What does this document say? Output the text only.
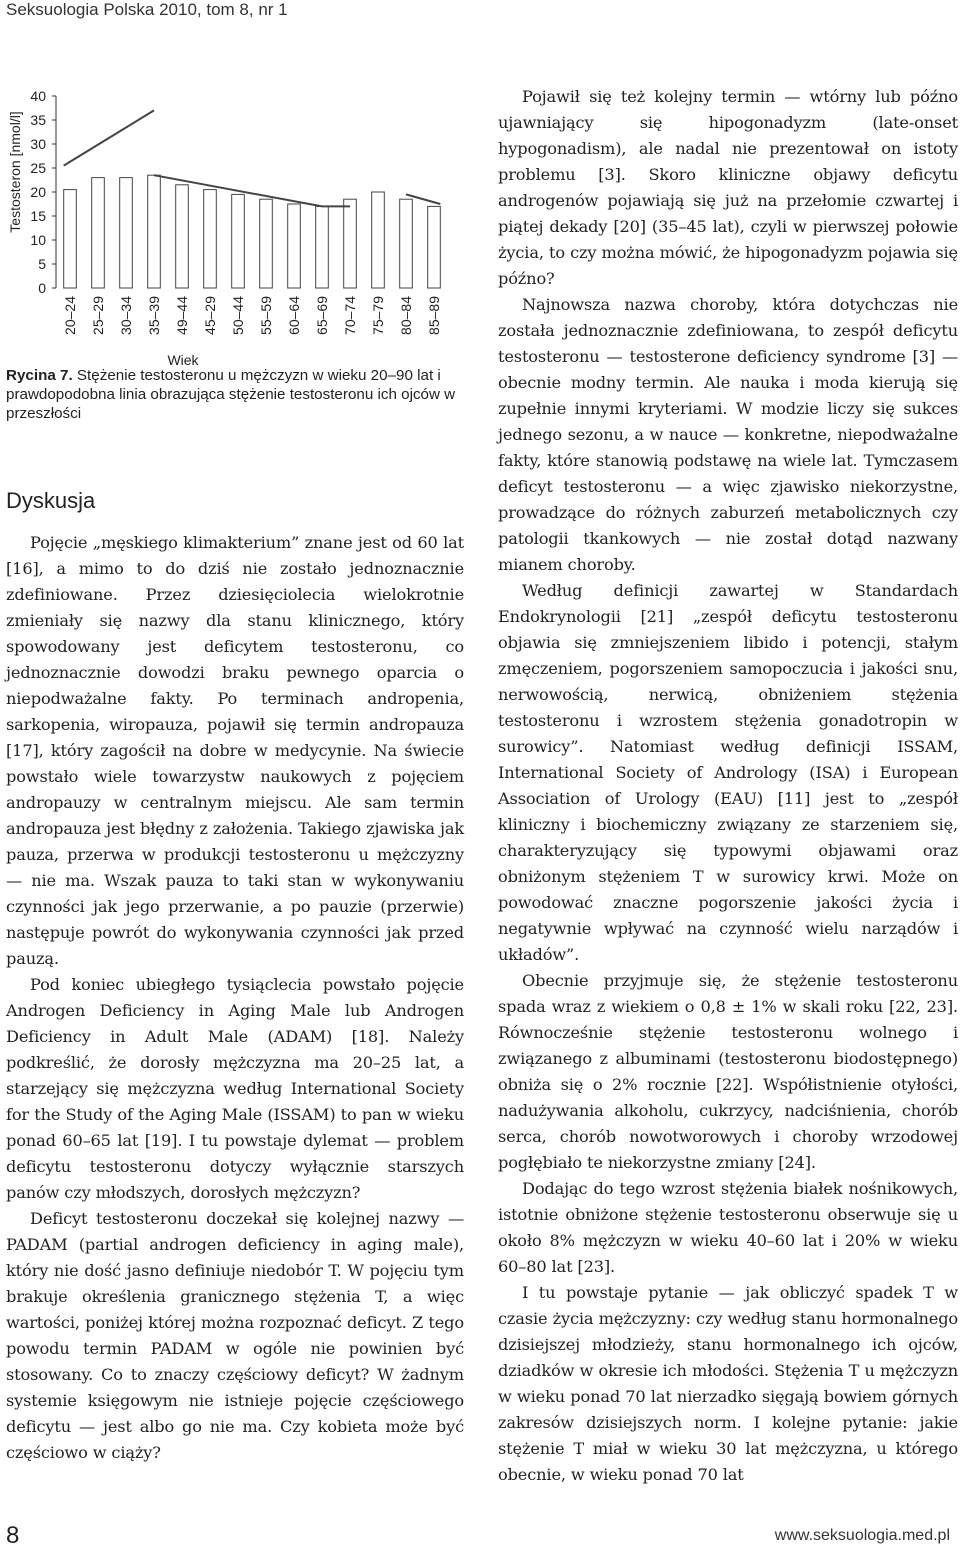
Seksuologia Polska 2010, tom 8, nr 1
0
5
10
15
20
25
30
35
40
Testosteron [nmol/l]
20–24 25–29 30–34 35–39 49–44 45–29 50–44 55–59 60–64 65–69 70–74 75–79 80–84 85–89
Wiek
Rycina 7. Stężenie testosteronu u mężczyzn w wieku 20–90 lat i prawdopodobna linia obrazująca stężenie testosteronu ich ojców w przeszłości
Dyskusja

Pojęcie „męskiego klimakterium” znane jest od 60 lat [16], a mimo to do dziś nie zostało jednoznacznie zdefiniowane. Przez dziesięciolecia wielokrotnie zmieniały się nazwy dla stanu klinicznego, który spowodowany jest deficytem testosteronu, co jednoznacznie dowodzi braku pewnego oparcia o niepodważalne fakty. Po terminach andropenia, sarkopenia, wiropauza, pojawił się termin andropauza [17], który zagościł na dobre w medycynie. Na świecie powstało wiele towarzystw naukowych z pojęciem andropauzy w centralnym miejscu. Ale sam termin andropauza jest błędny z założenia. Takiego zjawiska jak pauza, przerwa w produkcji testosteronu u mężczyzny — nie ma. Wszak pauza to taki stan w wykonywaniu czynności jak jego przerwanie, a po pauzie (przerwie) następuje powrót do wykonywania czynności jak przed pauzą.

Pod koniec ubiegłego tysiąclecia powstało pojęcie Androgen Deficiency in Aging Male lub Androgen Deficiency in Adult Male (ADAM) [18]. Należy podkreślić, że dorosły mężczyzna ma 20–25 lat, a starzejący się mężczyzna według International Society for the Study of the Aging Male (ISSAM) to pan w wieku ponad 60–65 lat [19]. I tu powstaje dylemat — problem deficytu testosteronu dotyczy wyłącznie starszych panów czy młodszych, dorosłych mężczyzn?

Deficyt testosteronu doczekał się kolejnej nazwy — PADAM (partial androgen deficiency in aging male), który nie dość jasno definiuje niedobór T. W pojęciu tym brakuje określenia granicznego stężenia T, a więc wartości, poniżej której można rozpoznać deficyt. Z tego powodu termin PADAM w ogóle nie powinien być stosowany. Co to znaczy częściowy deficyt? W żadnym systemie księgowym nie istnieje pojęcie częściowego deficytu — jest albo go nie ma. Czy kobieta może być częściowo w ciąży?

Pojawił się też kolejny termin — wtórny lub późno ujawniający się hipogonadyzm (late-onset hypogonadism), ale nadal nie prezentował on istoty problemu [3]. Skoro kliniczne objawy deficytu androgenów pojawiają się już na przełomie czwartej i piątej dekady [20] (35–45 lat), czyli w pierwszej połowie życia, to czy można mówić, że hipogonadyzm pojawia się późno?

Najnowsza nazwa choroby, która dotychczas nie została jednoznacznie zdefiniowana, to zespół deficytu testosteronu — testosterone deficiency syndrome [3] — obecnie modny termin. Ale nauka i moda kierują się zupełnie innymi kryteriami. W modzie liczy się sukces jednego sezonu, a w nauce — konkretne, niepodważalne fakty, które stanowią podstawę na wiele lat. Tymczasem deficyt testosteronu — a więc zjawisko niekorzystne, prowadzące do różnych zaburzeń metabolicznych czy patologii tkankowych — nie został dotąd nazwany mianem choroby.

Według definicji zawartej w Standardach Endokrynologii [21] „zespół deficytu testosteronu objawia się zmniejszeniem libido i potencji, stałym zmęczeniem, pogorszeniem samopoczucia i jakości snu, nerwowością, nerwicą, obniżeniem stężenia testosteronu i wzrostem stężenia gonadotropin w surowicy”. Natomiast według definicji ISSAM, International Society of Andrology (ISA) i European Association of Urology (EAU) [11] jest to „zespół kliniczny i biochemiczny związany ze starzeniem się, charakteryzujący się typowymi objawami oraz obniżonym stężeniem T w surowicy krwi. Może on powodować znaczne pogorszenie jakości życia i negatywnie wpływać na czynność wielu narządów i układów”.

Obecnie przyjmuje się, że stężenie testosteronu spada wraz z wiekiem o 0,8 ± 1% w skali roku [22, 23]. Równocześnie stężenie testosteronu wolnego i związanego z albuminami (testosteronu biodostępnego) obniża się o 2% rocznie [22]. Współistnienie otyłości, nadużywania alkoholu, cukrzycy, nadciśnienia, chorób serca, chorób nowotworowych i choroby wrzodowej pogłębiało te niekorzystne zmiany [24].

Dodając do tego wzrost stężenia białek nośnikowych, istotnie obniżone stężenie testosteronu obserwuje się u około 8% mężczyzn w wieku 40–60 lat i 20% w wieku 60–80 lat [23].

I tu powstaje pytanie — jak obliczyć spadek T w czasie życia mężczyzny: czy według stanu hormonalnego dzisiejszej młodzieży, stanu hormonalnego ich ojców, dziadków w okresie ich młodości. Stężenia T u mężczyzn w wieku ponad 70 lat nierzadko sięgają bowiem górnych zakresów dzisiejszych norm. I kolejne pytanie: jakie stężenie T miał w wieku 30 lat mężczyzna, u którego obecnie, w wieku ponad 70 lat

8	www.seksuologia.med.pl
